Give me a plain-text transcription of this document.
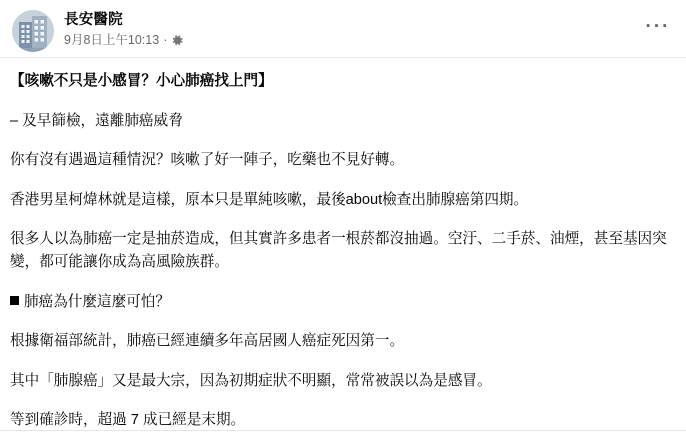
長安醫院
9月8日上午10:13 ·
···

【咳嗽不只是小感冒？小心肺癌找上門】

– 及早篩檢，遠離肺癌威脅

你有沒有遇過這種情況？咳嗽了好一陣子，吃藥也不見好轉。

香港男星柯煒林就是這樣，原本只是單純咳嗽，最後about檢查出肺腺癌第四期。

很多人以為肺癌一定是抽菸造成，但其實許多患者一根菸都沒抽過。空汙、二手菸、油煙，甚至基因突變，都可能讓你成為高風險族群。

肺癌為什麼這麼可怕？

根據衛福部統計，肺癌已經連續多年高居國人癌症死因第一。

其中「肺腺癌」又是最大宗，因為初期症狀不明顯，常常被誤以為是感冒。

等到確診時，超過 7 成已經是末期。
